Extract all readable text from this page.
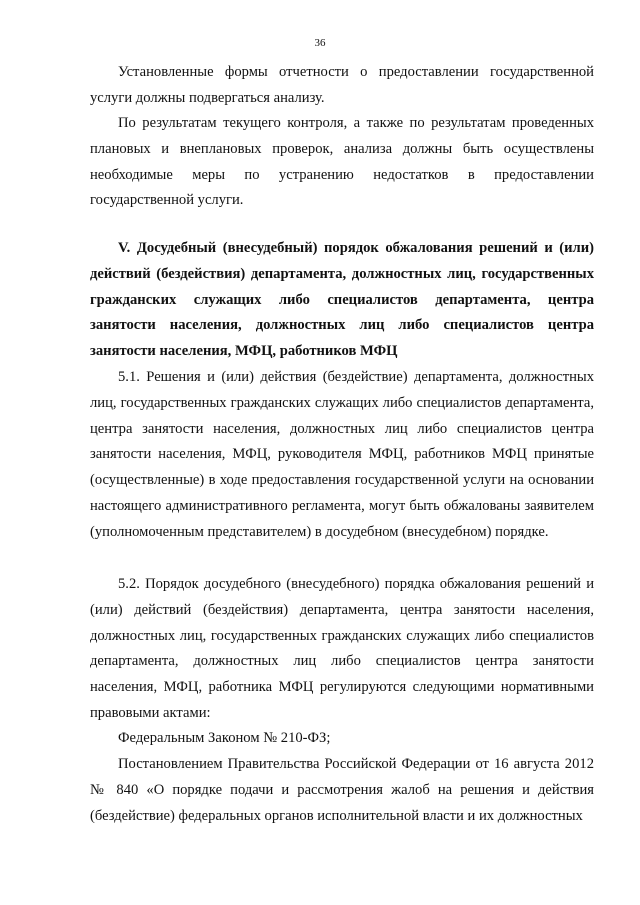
36

Установленные формы отчетности о предоставлении государственной услуги должны подвергаться анализу.

По результатам текущего контроля, а также по результатам проведенных плановых и внеплановых проверок, анализа должны быть осуществлены необходимые меры по устранению недостатков в предоставлении государственной услуги.

V. Досудебный (внесудебный) порядок обжалования решений и (или) действий (бездействия) департамента, должностных лиц, государственных гражданских служащих либо специалистов департамента, центра занятости населения, должностных лиц либо специалистов центра занятости населения, МФЦ, работников МФЦ

5.1. Решения и (или) действия (бездействие) департамента, должностных лиц, государственных гражданских служащих либо специалистов департамента, центра занятости населения, должностных лиц либо специалистов центра занятости населения, МФЦ, руководителя МФЦ, работников МФЦ принятые (осуществленные) в ходе предоставления государственной услуги на основании настоящего административного регламента, могут быть обжалованы заявителем (уполномоченным представителем) в досудебном (внесудебном) порядке.

5.2. Порядок досудебного (внесудебного) порядка обжалования решений и (или) действий (бездействия) департамента, центра занятости населения, должностных лиц, государственных гражданских служащих либо специалистов департамента, должностных лиц либо специалистов центра занятости населения, МФЦ, работника МФЦ регулируются следующими нормативными правовыми актами:

Федеральным Законом № 210-ФЗ;

Постановлением Правительства Российской Федерации от 16 августа 2012 № 840 «О порядке подачи и рассмотрения жалоб на решения и действия (бездействие) федеральных органов исполнительной власти и их должностных
